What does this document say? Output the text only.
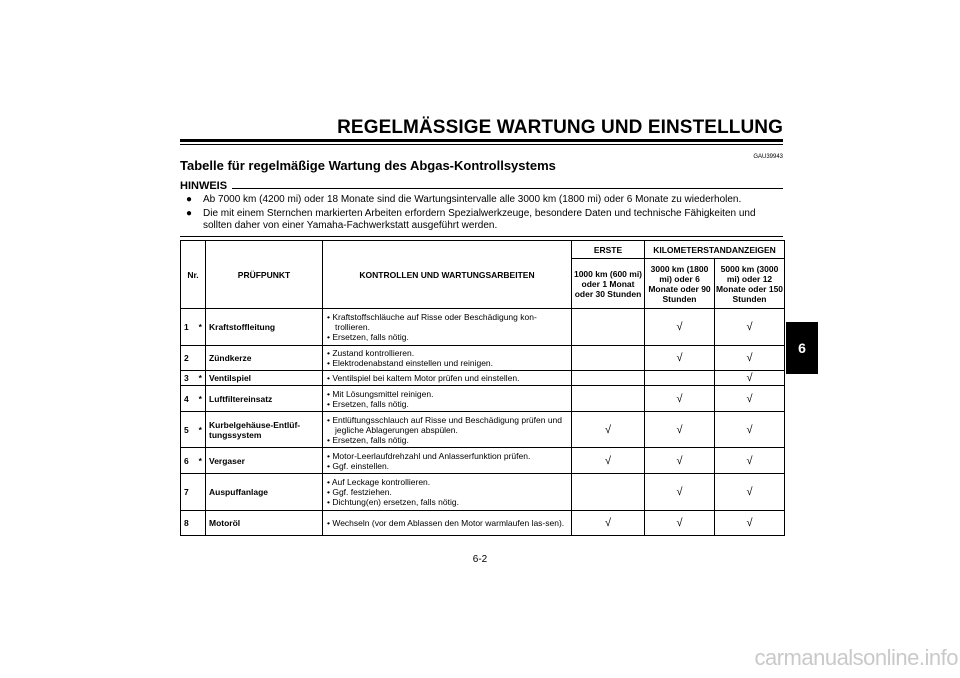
REGELMÄSSIGE WARTUNG UND EINSTELLUNG
GAU39943
Tabelle für regelmäßige Wartung des Abgas-Kontrollsystems
HINWEIS
● Ab 7000 km (4200 mi) oder 18 Monate sind die Wartungsintervalle alle 3000 km (1800 mi) oder 6 Monate zu wiederholen.
● Die mit einem Sternchen markierten Arbeiten erfordern Spezialwerkzeuge, besondere Daten und technische Fähigkeiten und sollten daher von einer Yamaha-Fachwerkstatt ausgeführt werden.
Nr.		PRÜFPUNKT	KONTROLLEN UND WARTUNGSARBEITEN	ERSTE	KILOMETERSTANDANZEIGEN	
				1000 km (600 mi) oder 1 Monat oder 30 Stunden	3000 km (1800 mi) oder 6 Monate oder 90 Stunden	5000 km (3000 mi) oder 12 Monate oder 150 Stunden
1	*	Kraftstoffleitung	• Kraftstoffschläuche auf Risse oder Beschädigung kon-trollieren.
• Ersetzen, falls nötig.		√	√
2		Zündkerze	• Zustand kontrollieren.
• Elektrodenabstand einstellen und reinigen.		√	√
3	*	Ventilspiel	• Ventilspiel bei kaltem Motor prüfen und einstellen.			√
4	*	Luftfiltereinsatz	• Mit Lösungsmittel reinigen.
• Ersetzen, falls nötig.		√	√
5	*	Kurbelgehäuse-Entlüf-tungssystem	• Entlüftungsschlauch auf Risse und Beschädigung prüfen und jegliche Ablagerungen abspülen.
• Ersetzen, falls nötig.	√	√	√
6	*	Vergaser	• Motor-Leerlaufdrehzahl und Anlasserfunktion prüfen.
• Ggf. einstellen.	√	√	√
7		Auspuffanlage	• Auf Leckage kontrollieren.
• Ggf. festziehen.
• Dichtung(en) ersetzen, falls nötig.		√	√
8		Motoröl	• Wechseln (vor dem Ablassen den Motor warmlaufen las-sen).	√	√	√
6
6-2
carmanualsonline.info
